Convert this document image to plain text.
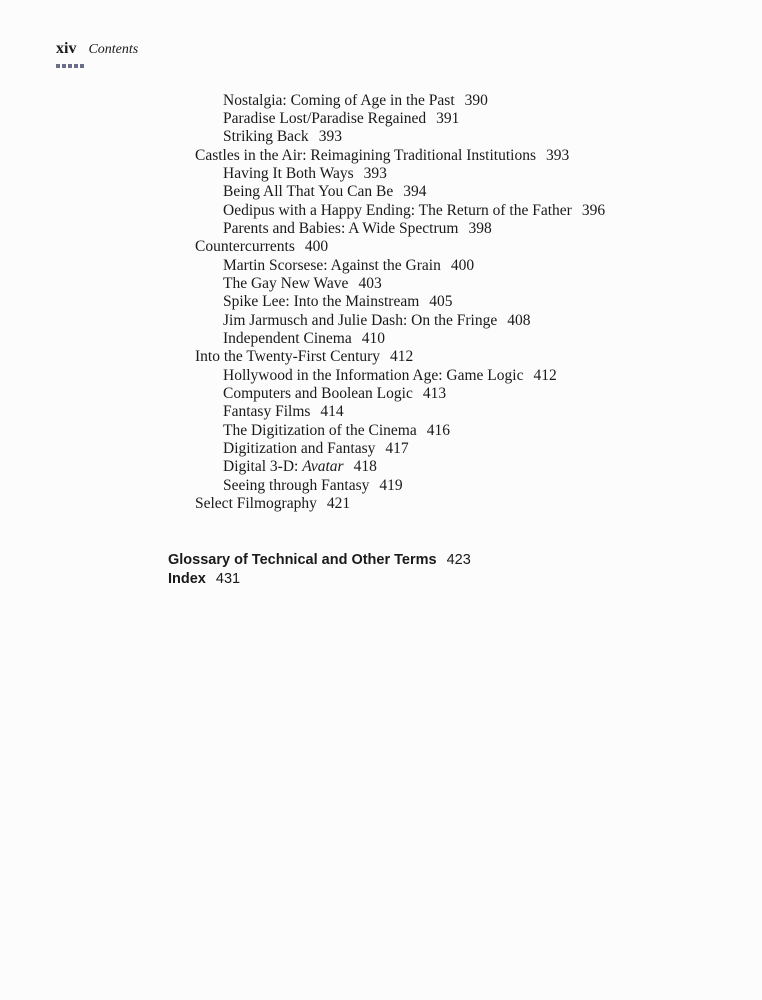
xiv Contents
Nostalgia: Coming of Age in the Past 390
Paradise Lost/Paradise Regained 391
Striking Back 393
Castles in the Air: Reimagining Traditional Institutions 393
Having It Both Ways 393
Being All That You Can Be 394
Oedipus with a Happy Ending: The Return of the Father 396
Parents and Babies: A Wide Spectrum 398
Countercurrents 400
Martin Scorsese: Against the Grain 400
The Gay New Wave 403
Spike Lee: Into the Mainstream 405
Jim Jarmusch and Julie Dash: On the Fringe 408
Independent Cinema 410
Into the Twenty-First Century 412
Hollywood in the Information Age: Game Logic 412
Computers and Boolean Logic 413
Fantasy Films 414
The Digitization of the Cinema 416
Digitization and Fantasy 417
Digital 3-D: Avatar 418
Seeing through Fantasy 419
Select Filmography 421
Glossary of Technical and Other Terms 423
Index 431
